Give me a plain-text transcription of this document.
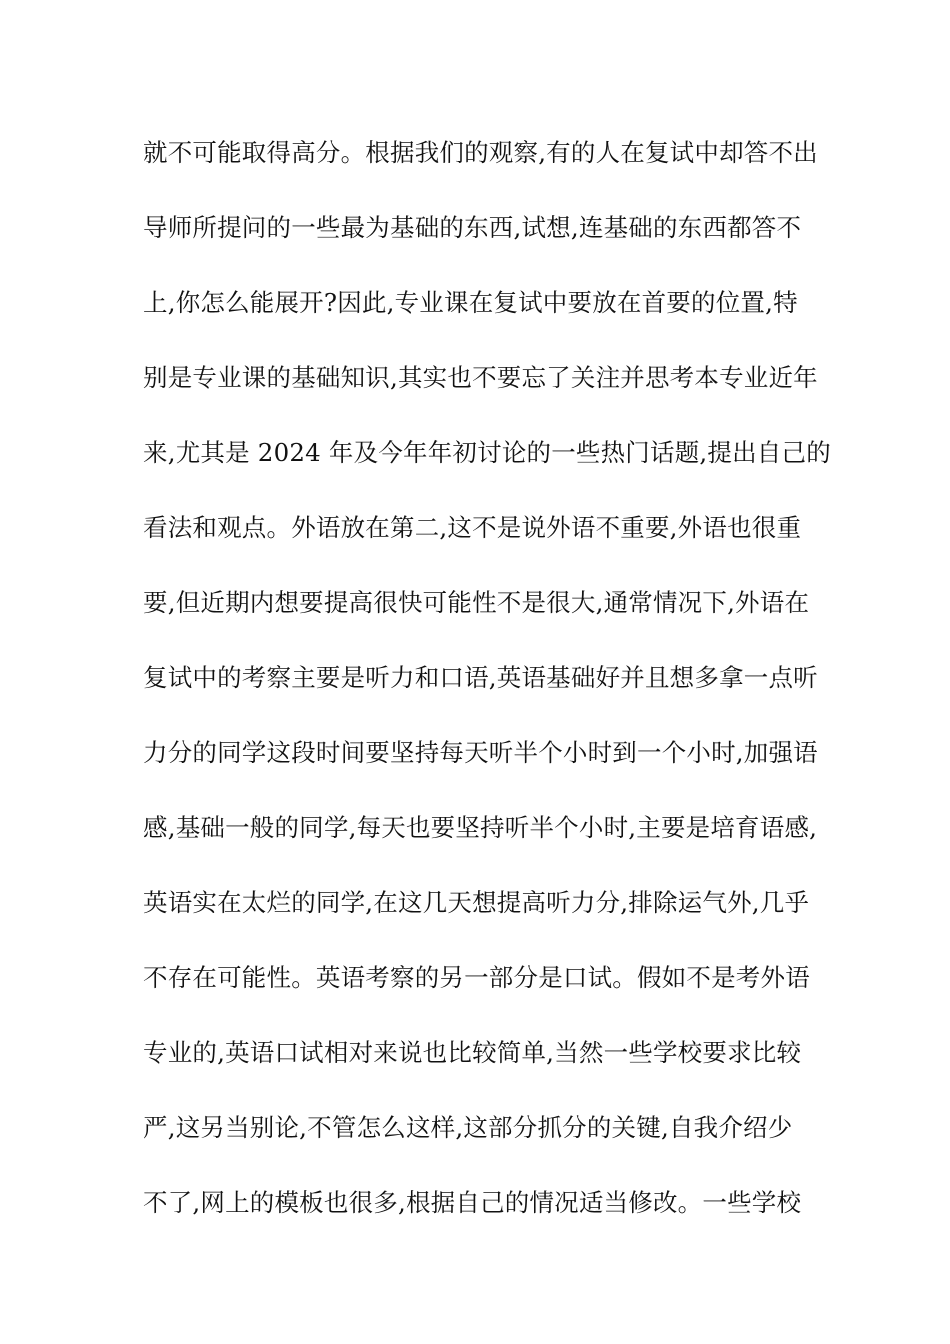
就不可能取得高分。根据我们的观察,有的人在复试中却答不出
导师所提问的一些最为基础的东西,试想,连基础的东西都答不
上,你怎么能展开?因此,专业课在复试中要放在首要的位置,特
别是专业课的基础知识,其实也不要忘了关注并思考本专业近年
来,尤其是 2024 年及今年年初讨论的一些热门话题,提出自己的
看法和观点。外语放在第二,这不是说外语不重要,外语也很重
要,但近期内想要提高很快可能性不是很大,通常情况下,外语在
复试中的考察主要是听力和口语,英语基础好并且想多拿一点听
力分的同学这段时间要坚持每天听半个小时到一个小时,加强语
感,基础一般的同学,每天也要坚持听半个小时,主要是培育语感,
英语实在太烂的同学,在这几天想提高听力分,排除运气外,几乎
不存在可能性。英语考察的另一部分是口试。假如不是考外语
专业的,英语口试相对来说也比较简单,当然一些学校要求比较
严,这另当别论,不管怎么这样,这部分抓分的关键,自我介绍少
不了,网上的模板也很多,根据自己的情况适当修改。一些学校
